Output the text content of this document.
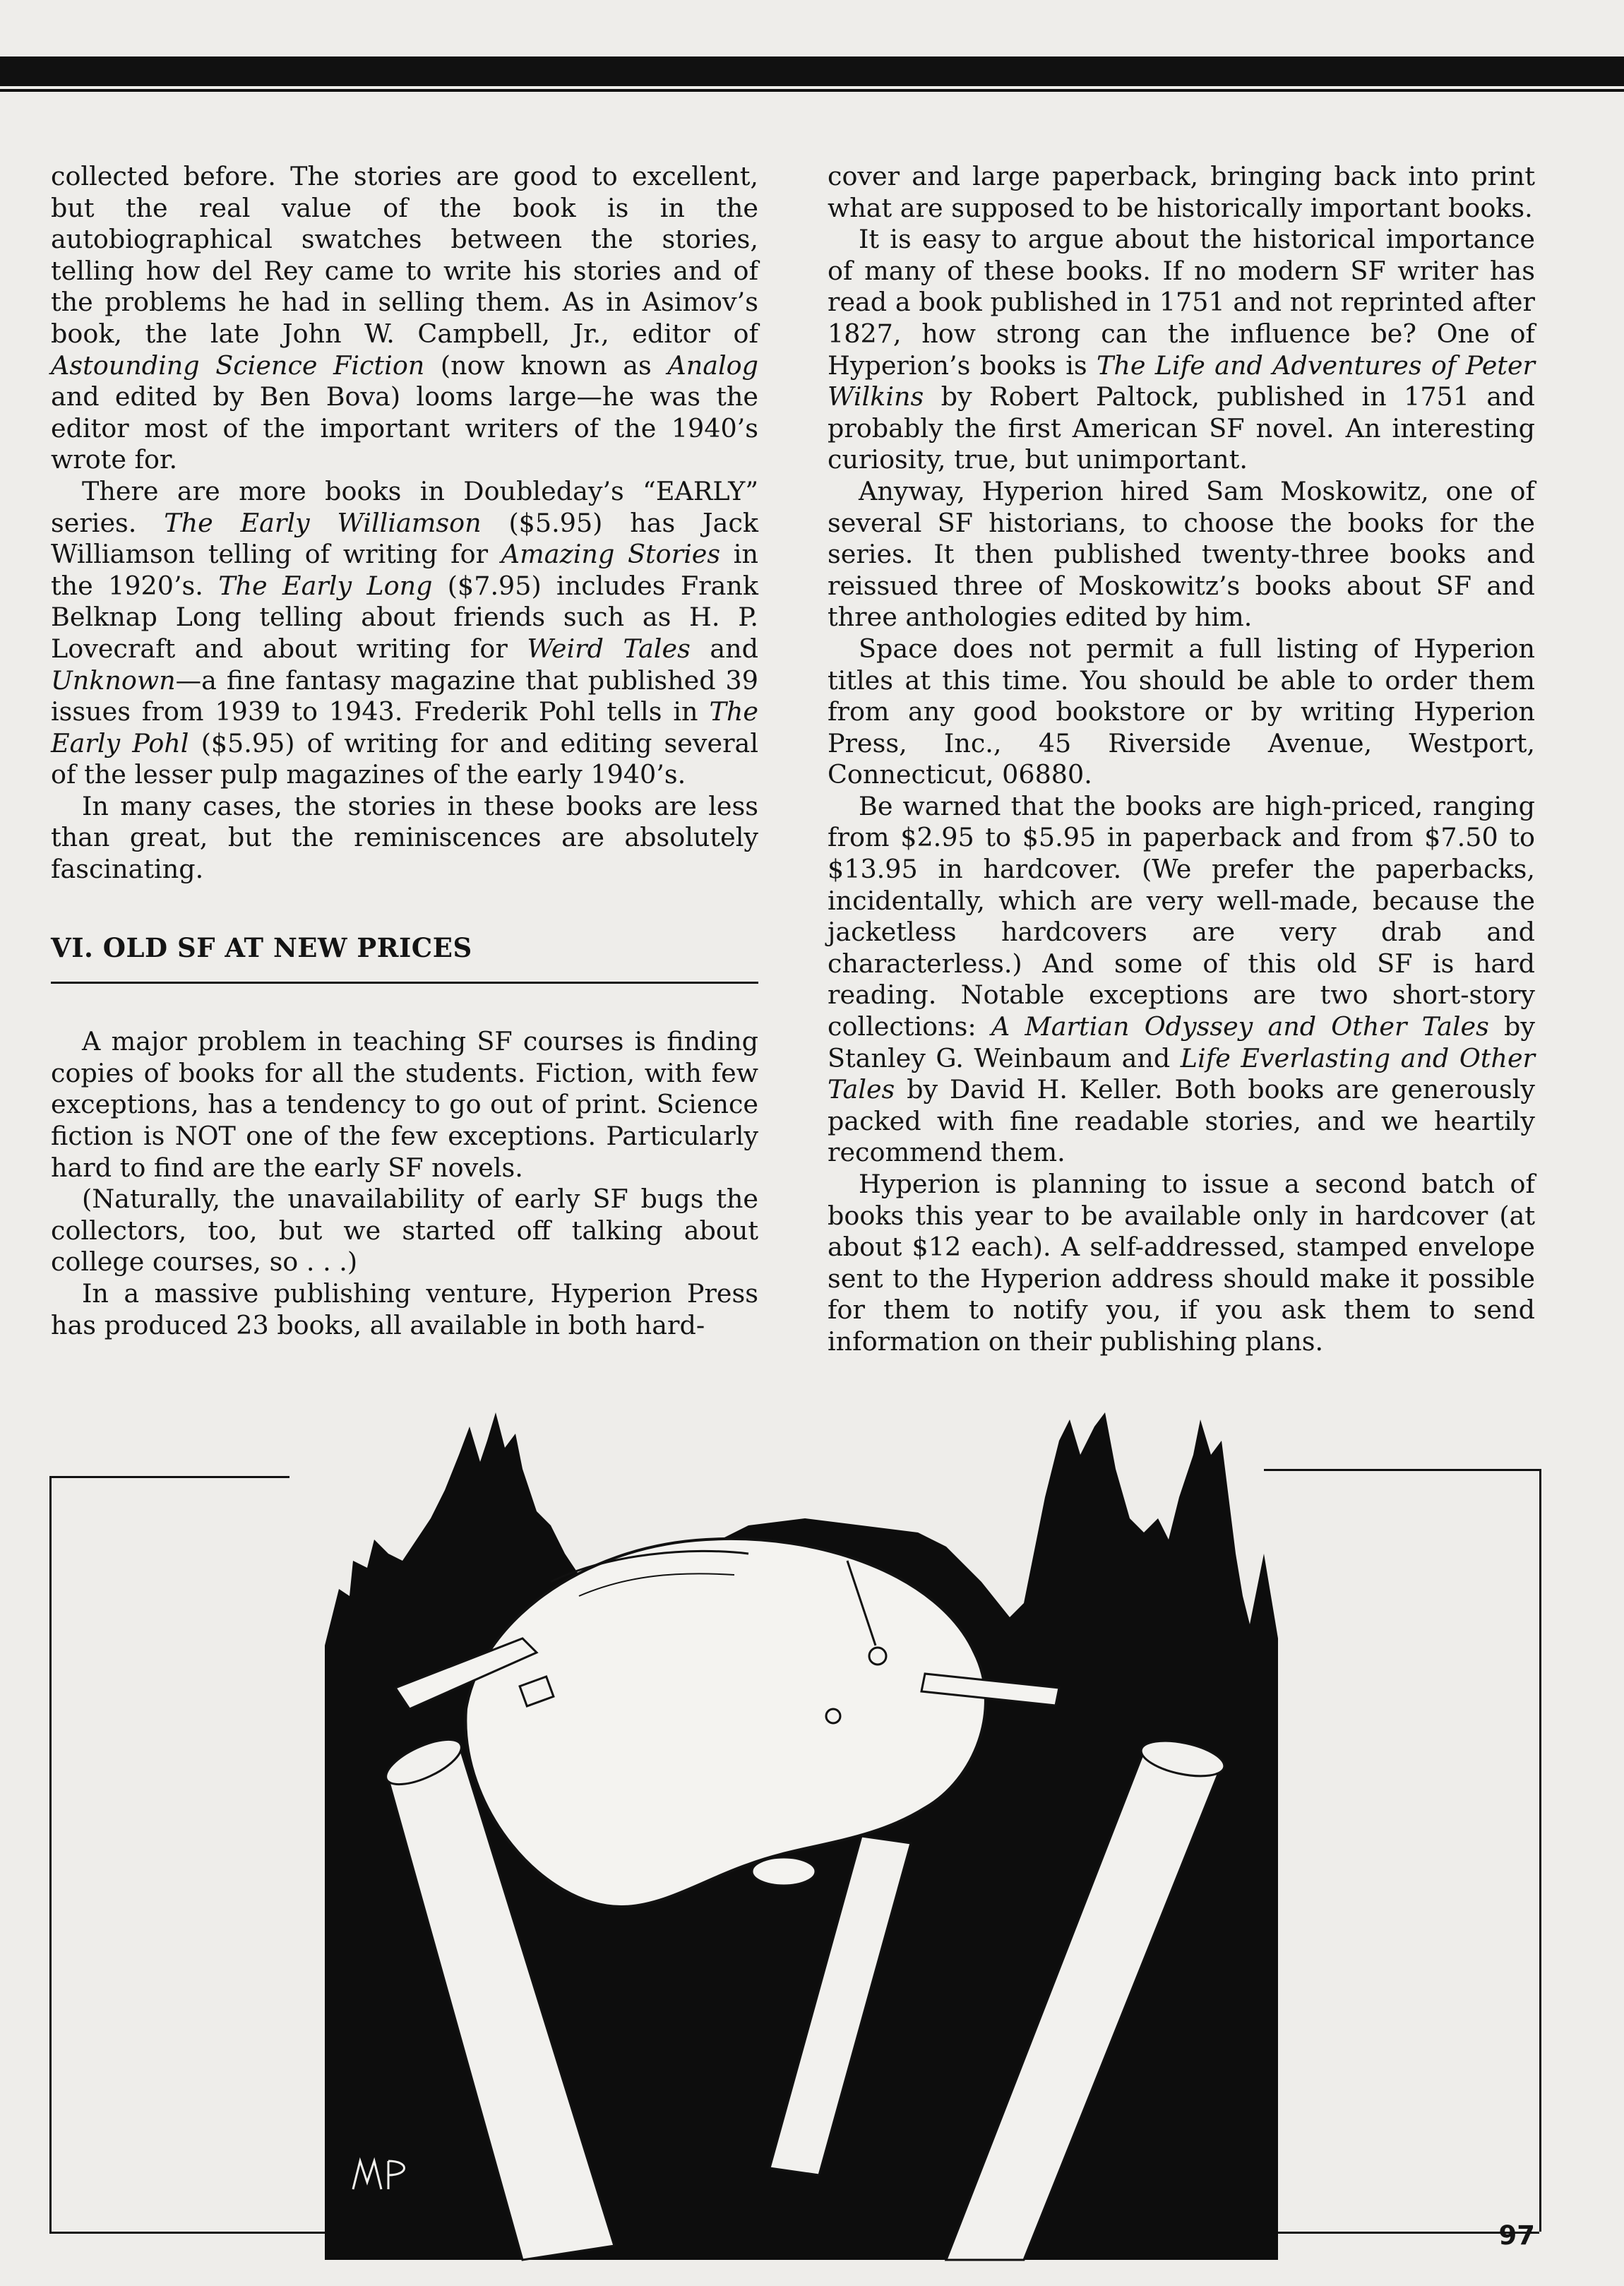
collected before. The stories are good to excellent, but the real value of the book is in the autobiographical swatches between the stories, telling how del Rey came to write his stories and of the problems he had in selling them. As in Asimov’s book, the late John W. Campbell, Jr., editor of Astounding Science Fiction (now known as Analog and edited by Ben Bova) looms large—he was the editor most of the important writers of the 1940’s wrote for.

There are more books in Doubleday’s “EARLY” series. The Early Williamson ($5.95) has Jack Williamson telling of writing for Amazing Stories in the 1920’s. The Early Long ($7.95) includes Frank Belknap Long telling about friends such as H. P. Lovecraft and about writing for Weird Tales and Unknown—a fine fantasy magazine that published 39 issues from 1939 to 1943. Frederik Pohl tells in The Early Pohl ($5.95) of writing for and editing several of the lesser pulp magazines of the early 1940’s.

In many cases, the stories in these books are less than great, but the reminiscences are absolutely fascinating.

VI. OLD SF AT NEW PRICES

A major problem in teaching SF courses is finding copies of books for all the students. Fiction, with few exceptions, has a tendency to go out of print. Science fiction is NOT one of the few exceptions. Particularly hard to find are the early SF novels.

(Naturally, the unavailability of early SF bugs the collectors, too, but we started off talking about college courses, so . . .)

In a massive publishing venture, Hyperion Press has produced 23 books, all available in both hard-

cover and large paperback, bringing back into print what are supposed to be historically important books.

It is easy to argue about the historical importance of many of these books. If no modern SF writer has read a book published in 1751 and not reprinted after 1827, how strong can the influence be? One of Hyperion’s books is The Life and Adventures of Peter Wilkins by Robert Paltock, published in 1751 and probably the first American SF novel. An interesting curiosity, true, but unimportant.

Anyway, Hyperion hired Sam Moskowitz, one of several SF historians, to choose the books for the series. It then published twenty-three books and reissued three of Moskowitz’s books about SF and three anthologies edited by him.

Space does not permit a full listing of Hyperion titles at this time. You should be able to order them from any good bookstore or by writing Hyperion Press, Inc., 45 Riverside Avenue, Westport, Connecticut, 06880.

Be warned that the books are high-priced, ranging from $2.95 to $5.95 in paperback and from $7.50 to $13.95 in hardcover. (We prefer the paperbacks, incidentally, which are very well-made, because the jacketless hardcovers are very drab and characterless.) And some of this old SF is hard reading. Notable exceptions are two short-story collections: A Martian Odyssey and Other Tales by Stanley G. Weinbaum and Life Everlasting and Other Tales by David H. Keller. Both books are generously packed with fine readable stories, and we heartily recommend them.

Hyperion is planning to issue a second batch of books this year to be available only in hardcover (at about $12 each). A self-addressed, stamped envelope sent to the Hyperion address should make it possible for them to notify you, if you ask them to send information on their publishing plans.

97
